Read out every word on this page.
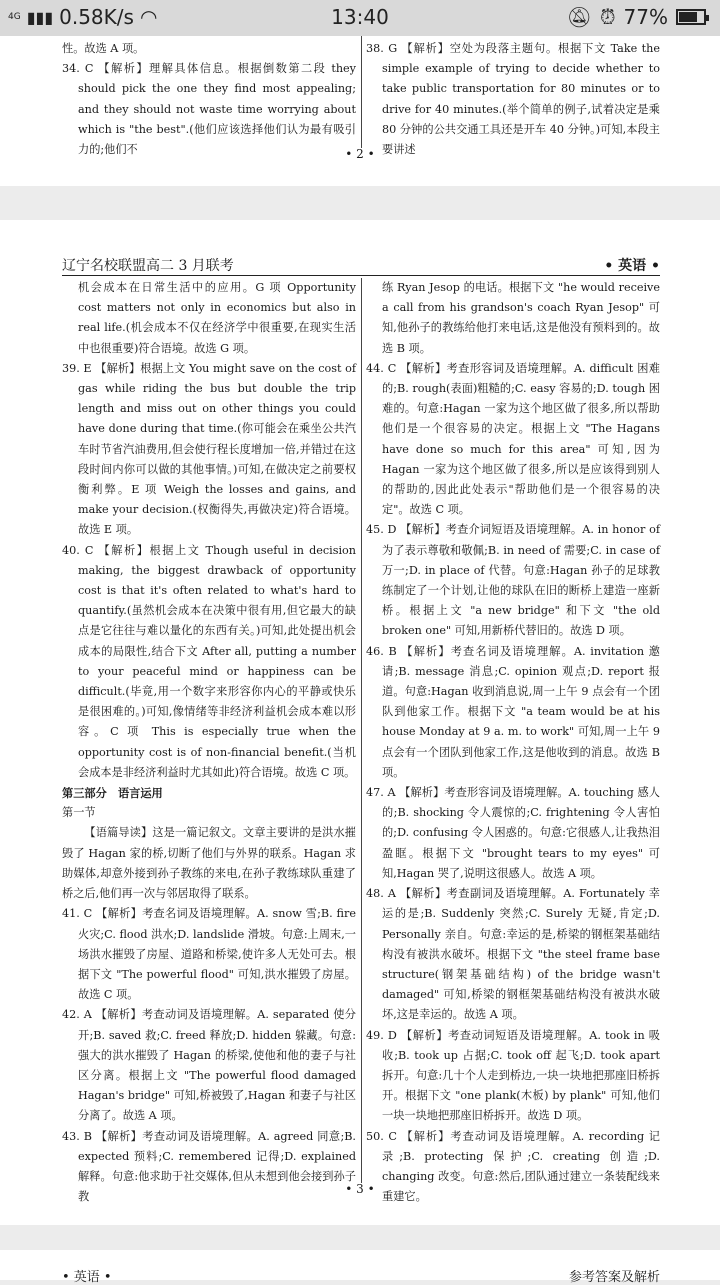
4G ▮▮▮ 0.58K/s ◠	13:40	🔕︎ ⏰︎ 77%

性。故选 A 项。

34. C 【解析】理解具体信息。根据倒数第二段 they should pick the one they find most appealing; and they should not waste time worrying about which is "the best".(他们应该选择他们认为最有吸引力的;他们不

38. G 【解析】空处为段落主题句。根据下文 Take the simple example of trying to decide whether to take public transportation for 80 minutes or to drive for 40 minutes.(举个简单的例子,试着决定是乘 80 分钟的公共交通工具还是开车 40 分钟。)可知,本段主要讲述

• 2 •
辽宁名校联盟高二 3 月联考	• 英语 •

机会成本在日常生活中的应用。G 项 Opportunity cost matters not only in economics but also in real life.(机会成本不仅在经济学中很重要,在现实生活中也很重要)符合语境。故选 G 项。

39. E 【解析】根据上文 You might save on the cost of gas while riding the bus but double the trip length and miss out on other things you could have done during that time.(你可能会在乘坐公共汽车时节省汽油费用,但会使行程长度增加一倍,并错过在这段时间内你可以做的其他事情。)可知,在做决定之前要权衡利弊。E 项 Weigh the losses and gains, and make your decision.(权衡得失,再做决定)符合语境。故选 E 项。

40. C 【解析】根据上文 Though useful in decision making, the biggest drawback of opportunity cost is that it's often related to what's hard to quantify.(虽然机会成本在决策中很有用,但它最大的缺点是它往往与难以量化的东西有关。)可知,此处提出机会成本的局限性,结合下文 After all, putting a number to your peaceful mind or happiness can be difficult.(毕竟,用一个数字来形容你内心的平静或快乐是很困难的。)可知,像情绪等非经济利益机会成本难以形容。C 项 This is especially true when the opportunity cost is of non-financial benefit.(当机会成本是非经济利益时尤其如此)符合语境。故选 C 项。

第三部分　语言运用

第一节

【语篇导读】这是一篇记叙文。文章主要讲的是洪水摧毁了 Hagan 家的桥,切断了他们与外界的联系。Hagan 求助媒体,却意外接到孙子教练的来电,在孙子教练球队重建了桥之后,他们再一次与邻居取得了联系。

41. C 【解析】考查名词及语境理解。A. snow 雪;B. fire 火灾;C. flood 洪水;D. landslide 滑坡。句意:上周末,一场洪水摧毁了房屋、道路和桥梁,使许多人无处可去。根据下文 "The powerful flood" 可知,洪水摧毁了房屋。故选 C 项。

42. A 【解析】考查动词及语境理解。A. separated 使分开;B. saved 救;C. freed 释放;D. hidden 躲藏。句意:强大的洪水摧毁了 Hagan 的桥梁,使他和他的妻子与社区分离。根据上文 "The powerful flood damaged Hagan's bridge" 可知,桥被毁了,Hagan 和妻子与社区分离了。故选 A 项。

43. B 【解析】考查动词及语境理解。A. agreed 同意;B. expected 预料;C. remembered 记得;D. explained 解释。句意:他求助于社交媒体,但从未想到他会接到孙子教

练 Ryan Jesop 的电话。根据下文 "he would receive a call from his grandson's coach Ryan Jesop" 可知,他孙子的教练给他打来电话,这是他没有预料到的。故选 B 项。

44. C 【解析】考查形容词及语境理解。A. difficult 困难的;B. rough(表面)粗糙的;C. easy 容易的;D. tough 困难的。句意:Hagan 一家为这个地区做了很多,所以帮助他们是一个很容易的决定。根据上文 "The Hagans have done so much for this area" 可知,因为 Hagan 一家为这个地区做了很多,所以是应该得到别人的帮助的,因此此处表示"帮助他们是一个很容易的决定"。故选 C 项。

45. D 【解析】考查介词短语及语境理解。A. in honor of 为了表示尊敬和敬佩;B. in need of 需要;C. in case of 万一;D. in place of 代替。句意:Hagan 孙子的足球教练制定了一个计划,让他的球队在旧的断桥上建造一座新桥。根据上文 "a new bridge" 和下文 "the old broken one" 可知,用新桥代替旧的。故选 D 项。

46. B 【解析】考查名词及语境理解。A. invitation 邀请;B. message 消息;C. opinion 观点;D. report 报道。句意:Hagan 收到消息说,周一上午 9 点会有一个团队到他家工作。根据下文 "a team would be at his house Monday at 9 a. m. to work" 可知,周一上午 9 点会有一个团队到他家工作,这是他收到的消息。故选 B 项。

47. A 【解析】考查形容词及语境理解。A. touching 感人的;B. shocking 令人震惊的;C. frightening 令人害怕的;D. confusing 令人困惑的。句意:它很感人,让我热泪盈眶。根据下文 "brought tears to my eyes" 可知,Hagan 哭了,说明这很感人。故选 A 项。

48. A 【解析】考查副词及语境理解。A. Fortunately 幸运的是;B. Suddenly 突然;C. Surely 无疑,肯定;D. Personally 亲自。句意:幸运的是,桥梁的钢框架基础结构没有被洪水破坏。根据下文 "the steel frame base structure(钢架基础结构) of the bridge wasn't damaged" 可知,桥梁的钢框架基础结构没有被洪水破坏,这是幸运的。故选 A 项。

49. D 【解析】考查动词短语及语境理解。A. took in 吸收;B. took up 占据;C. took off 起飞;D. took apart 拆开。句意:几十个人走到桥边,一块一块地把那座旧桥拆开。根据下文 "one plank(木板) by plank" 可知,他们一块一块地把那座旧桥拆开。故选 D 项。

50. C 【解析】考查动词及语境理解。A. recording 记录;B. protecting 保护;C. creating 创造;D. changing 改变。句意:然后,团队通过建立一条装配线来重建它。

• 3 •
• 英语 •	参考答案及解析
